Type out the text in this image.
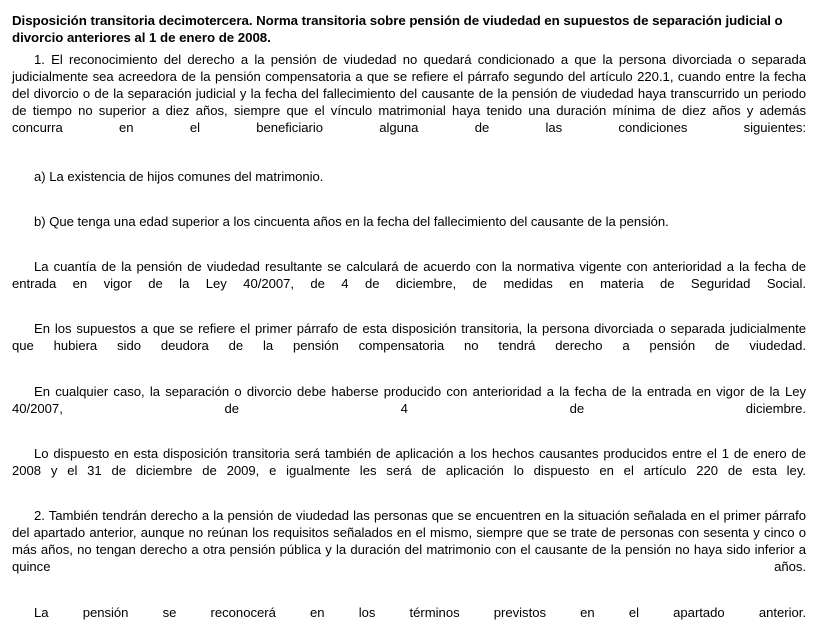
Disposición transitoria decimotercera. Norma transitoria sobre pensión de viudedad en supuestos de separación judicial o divorcio anteriores al 1 de enero de 2008.

1. El reconocimiento del derecho a la pensión de viudedad no quedará condicionado a que la persona divorciada o separada judicialmente sea acreedora de la pensión compensatoria a que se refiere el párrafo segundo del artículo 220.1, cuando entre la fecha del divorcio o de la separación judicial y la fecha del fallecimiento del causante de la pensión de viudedad haya transcurrido un periodo de tiempo no superior a diez años, siempre que el vínculo matrimonial haya tenido una duración mínima de diez años y además concurra en el beneficiario alguna de las condiciones siguientes:

a) La existencia de hijos comunes del matrimonio.

b) Que tenga una edad superior a los cincuenta años en la fecha del fallecimiento del causante de la pensión.

La cuantía de la pensión de viudedad resultante se calculará de acuerdo con la normativa vigente con anterioridad a la fecha de entrada en vigor de la Ley 40/2007, de 4 de diciembre, de medidas en materia de Seguridad Social.

En los supuestos a que se refiere el primer párrafo de esta disposición transitoria, la persona divorciada o separada judicialmente que hubiera sido deudora de la pensión compensatoria no tendrá derecho a pensión de viudedad.

En cualquier caso, la separación o divorcio debe haberse producido con anterioridad a la fecha de la entrada en vigor de la Ley 40/2007, de 4 de diciembre.

Lo dispuesto en esta disposición transitoria será también de aplicación a los hechos causantes producidos entre el 1 de enero de 2008 y el 31 de diciembre de 2009, e igualmente les será de aplicación lo dispuesto en el artículo 220 de esta ley.

2. También tendrán derecho a la pensión de viudedad las personas que se encuentren en la situación señalada en el primer párrafo del apartado anterior, aunque no reúnan los requisitos señalados en el mismo, siempre que se trate de personas con sesenta y cinco o más años, no tengan derecho a otra pensión pública y la duración del matrimonio con el causante de la pensión no haya sido inferior a quince años.

La pensión se reconocerá en los términos previstos en el apartado anterior.
